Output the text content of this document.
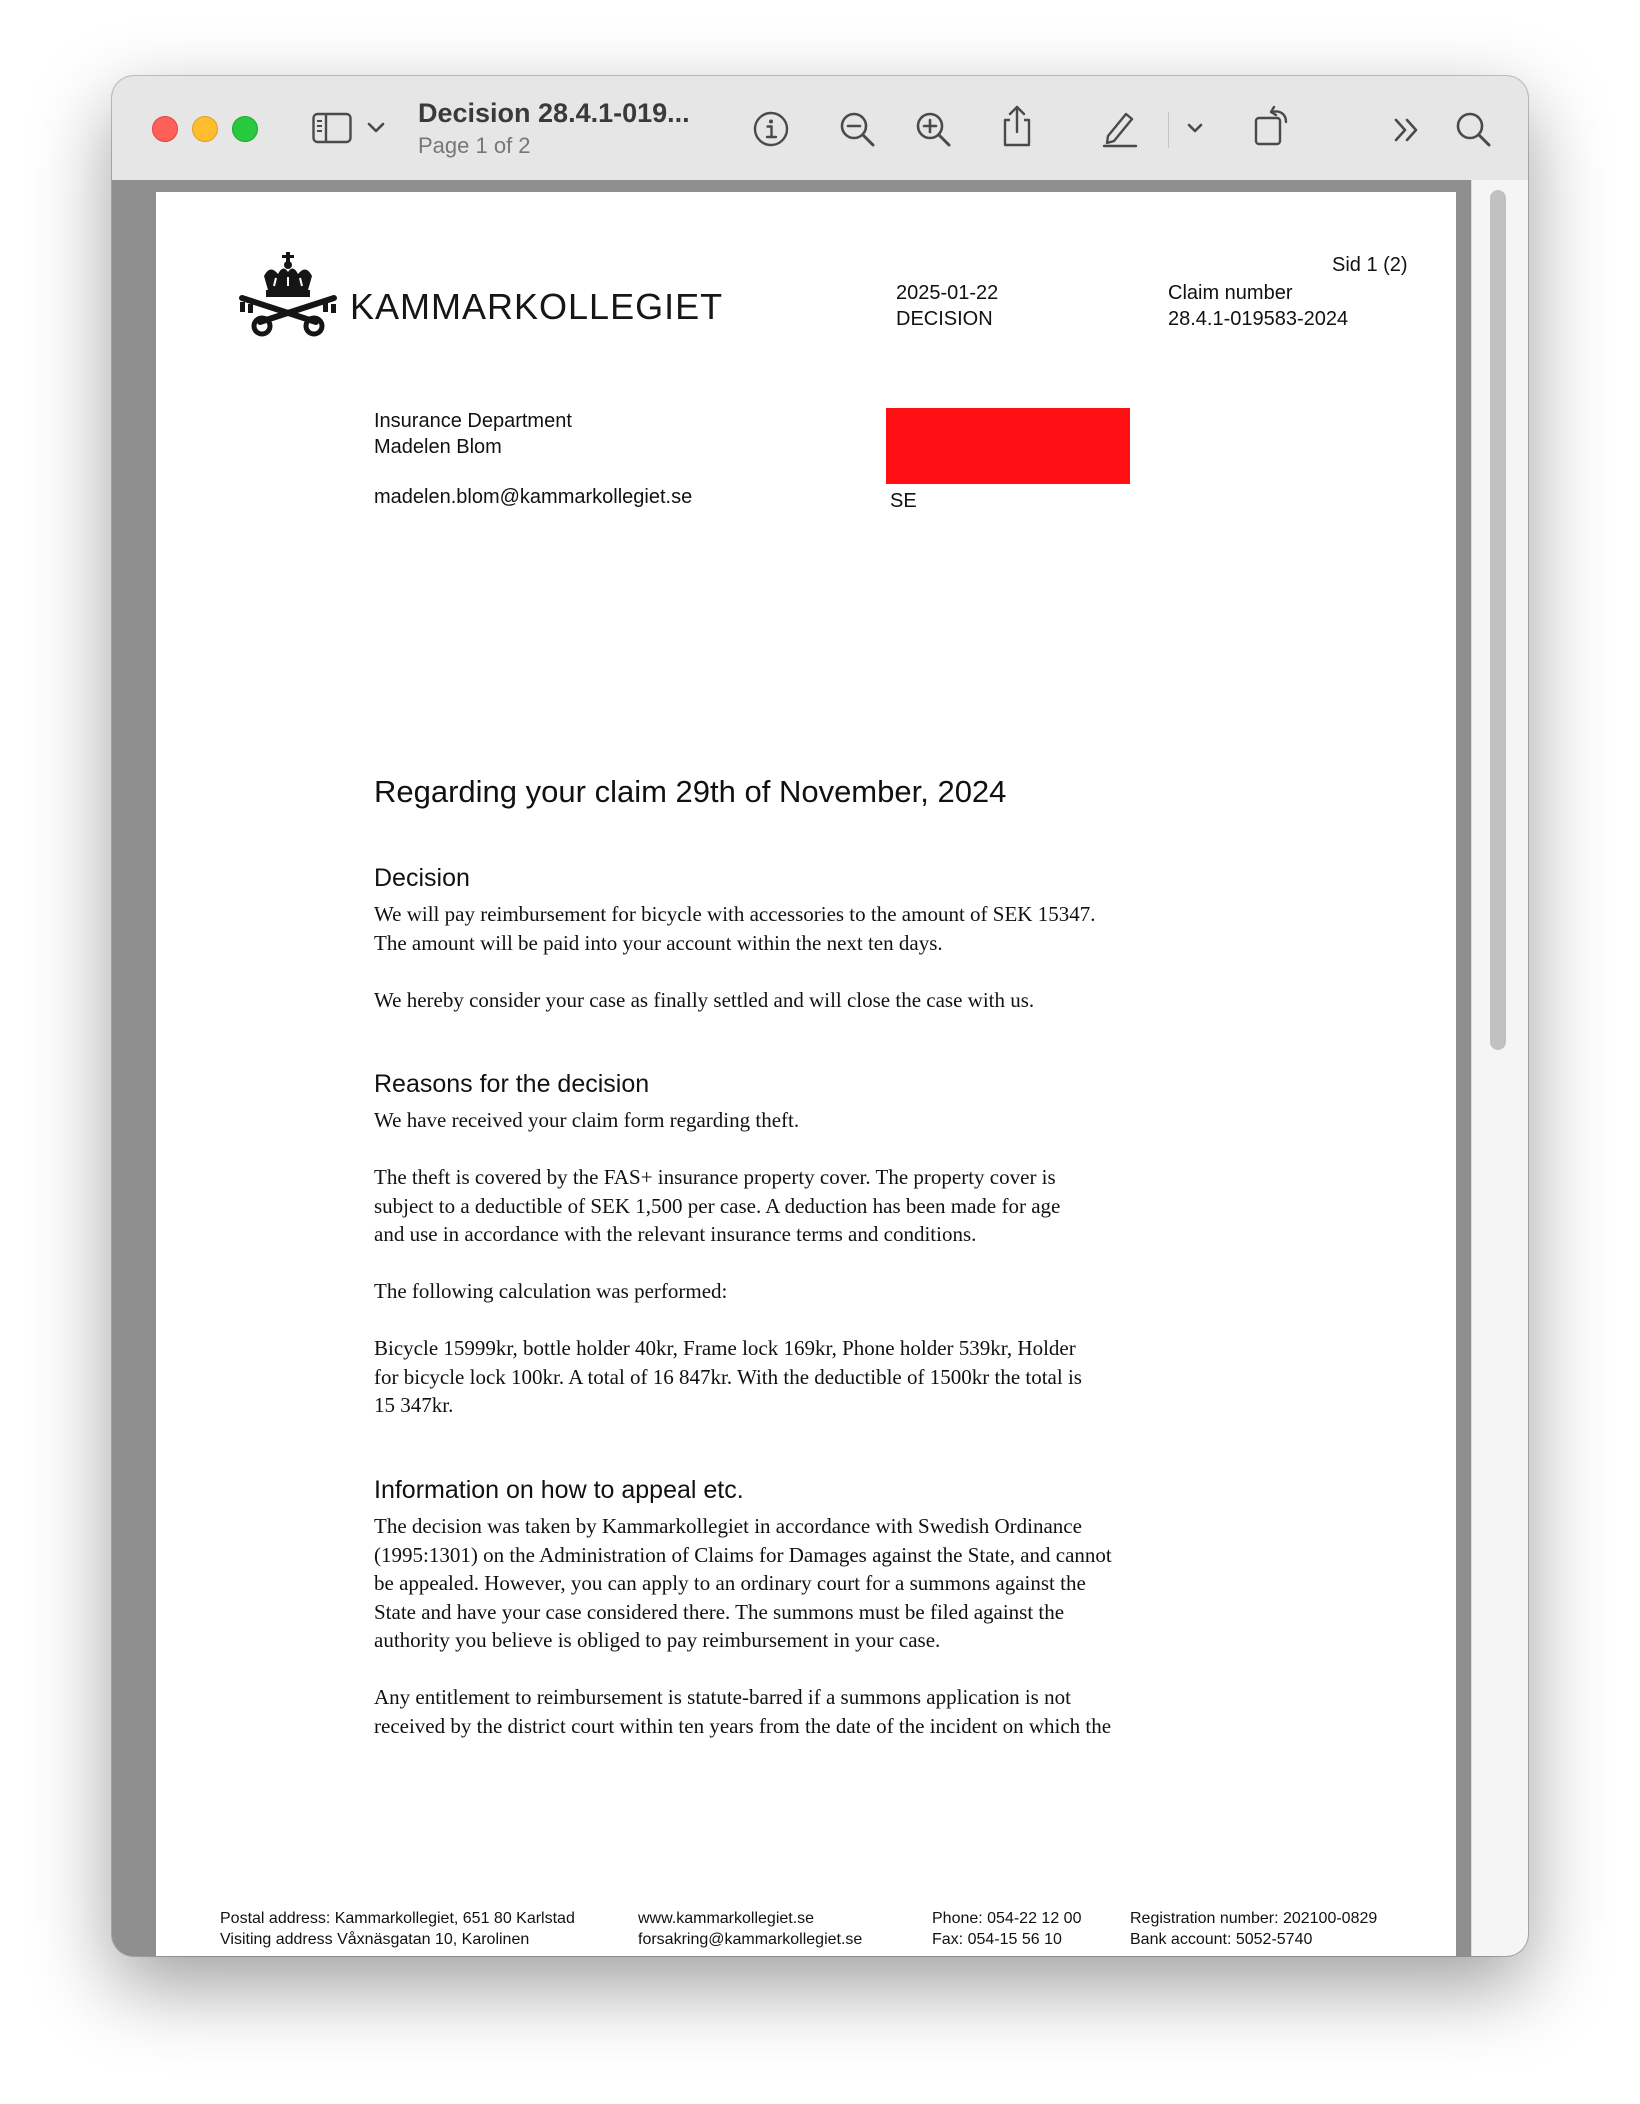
Decision 28.4.1-019...
Page 1 of 2
Sid 1 (2)
KAMMARKOLLEGIET	2025-01-22
DECISION
Claim number
28.4.1-019583-2024
Insurance Department
Madelen Blom
madelen.blom@kammarkollegiet.se	SE
Regarding your claim 29th of November, 2024
Decision
We will pay reimbursement for bicycle with accessories to the amount of SEK 15347.

The amount will be paid into your account within the next ten days.

We hereby consider your case as finally settled and will close the case with us.
Reasons for the decision

We have received your claim form regarding theft.

The theft is covered by the FAS+ insurance property cover. The property cover is
subject to a deductible of SEK 1,500 per case. A deduction has been made for age

and use in accordance with the relevant insurance terms and conditions.

The following calculation was performed:

Bicycle 15999kr, bottle holder 40kr, Frame lock 169kr, Phone holder 539kr, Holder
for bicycle lock 100kr. A total of 16 847kr. With the deductible of 1500kr the total is
15 347kr.
Information on how to appeal etc.
The decision was taken by Kammarkollegiet in accordance with Swedish Ordinance
(1995:1301) on the Administration of Claims for Damages against the State, and cannot
be appealed. However, you can apply to an ordinary court for a summons against the
State and have your case considered there. The summons must be filed against the

authority you believe is obliged to pay reimbursement in your case.

Any entitlement to reimbursement is statute-barred if a summons application is not
received by the district court within ten years from the date of the incident on which the
Postal address: Kammarkollegiet, 651 80 Karlstad
Visiting address Våxnäsgatan 10, Karolinen
www.kammarkollegiet.se
forsakring@kammarkollegiet.se
Phone: 054-22 12 00
Fax: 054-15 56 10
Registration number: 202100-0829
Bank account: 5052-5740
